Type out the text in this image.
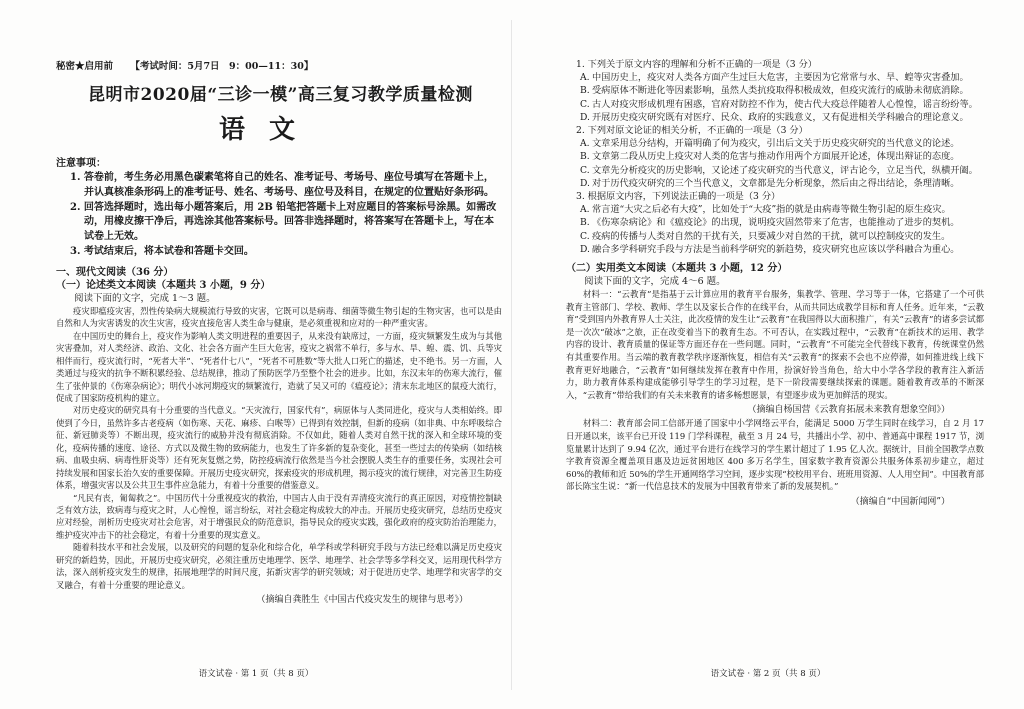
秘密★启用前 【考试时间：5月7日　9：00—11：30】
昆明市2020届“三诊一模”高三复习教学质量检测
语文
注意事项：
1. 答卷前，考生务必用黑色碳素笔将自己的姓名、准考证号、考场号、座位号填写在答题卡上，并认真核准条形码上的准考证号、姓名、考场号、座位号及科目，在规定的位置贴好条形码。
2. 回答选择题时，选出每小题答案后，用 2B 铅笔把答题卡上对应题目的答案标号涂黑。如需改动，用橡皮擦干净后，再选涂其他答案标号。回答非选择题时，将答案写在答题卡上，写在本试卷上无效。
3. 考试结束后，将本试卷和答题卡交回。
一、现代文阅读（36 分）
（一）论述类文本阅读（本题共 3 小题，9 分）
阅读下面的文字，完成 1～3 题。

疫灾即瘟疫灾害，烈性传染病大规模流行导致的灾害，它既可以是病毒、细菌等微生物引起的生物灾害，也可以是由自然和人为灾害诱发的次生灾害，疫灾直接危害人类生命与健康，是必须重视和应对的一种严重灾害。

在中国历史的舞台上，疫灾作为影响人类文明进程的重要因子，从来没有缺席过，一方面，疫灾频繁发生成为与其他灾害叠加，对人类经济、政治、文化、社会各方面产生巨大危害，疫灾之祸常不单行，多与水、旱、蝗、震、饥、兵等灾相伴而行，疫灾流行时，“死者大半”、“死者什七八”，“死者不可胜数”等大批人口死亡的描述，史不绝书。另一方面，人类通过与疫灾的抗争不断积累经验、总结规律，推动了预防医学乃至整个社会的进步。比如，东汉末年的伤寒大流行，催生了张仲景的《伤寒杂病论》；明代小冰河期疫灾的频繁流行，造就了吴又可的《瘟疫论》；清末东北地区的鼠疫大流行，促成了国家防疫机构的建立。

对历史疫灾的研究具有十分重要的当代意义。“天灾流行，国家代有”，病原体与人类同进化，疫灾与人类相始终。即使到了今日，虽然许多古老疫病（如伤寒、天花、麻疹、白喉等）已得到有效控制，但新的疫病（如非典、中东呼吸综合征、新冠肺炎等）不断出现，疫灾流行的威胁并没有彻底消除。不仅如此，随着人类对自然干扰的深入和全球环境的变化，疫病传播的速度、途径、方式以及微生物的致病能力，也发生了许多新的复杂变化，甚至一些过去的传染病（如结核病、血吸虫病、病毒性肝炎等）还有死灰复燃之势，防控疫病流行依然是当今社会摆脱人类生存的重要任务，实现社会可持续发展和国家长治久安的重要保障。开展历史疫灾研究，探索疫灾的形成机理，揭示疫灾的流行规律，对完善卫生防疫体系，增强灾害以及公共卫生事件应急能力，有着十分重要的借鉴意义。

“凡民有丧，匍匐救之”。中国历代十分重视疫灾的救治，中国古人由于没有弄清疫灾流行的真正原因，对疫情控制缺乏有效方法，致病毒与疫灾之时，人心惶惶，谣言纷纭，对社会稳定构成较大的冲击。开展历史疫灾研究，总结历史疫灾应对经验，剖析历史疫灾对社会危害，对于增强民众的防范意识，指导民众的疫灾实践，强化政府的疫灾防治治理能力，维护疫灾冲击下的社会稳定，有着十分重要的现实意义。

随着科技水平和社会发展，以及研究的问题的复杂化和综合化，单学科或学科研究手段与方法已经难以满足历史疫灾研究的新趋势，因此，开展历史疫灾研究，必须注重历史地理学、医学、地理学、社会学等多学科交叉，运用现代科学方法，深入剖析疫灾发生的规律，拓展地理学的时间尺度，拓新灾害学的研究领域；对于促进历史学、地理学和灾害学的交叉融合，有着十分重要的理论意义。

（摘编自龚胜生《中国古代疫灾发生的规律与思考》）
语文试卷 · 第 1 页（共 8 页）
1. 下列关于原文内容的理解和分析不正确的一项是（3 分）
A. 中国历史上，疫灾对人类各方面产生过巨大危害，主要因为它常常与水、旱、蝗等灾害叠加。
B. 受病原体不断进化等因素影响，虽然人类抗疫取得积极成效，但疫灾流行的威胁未彻底消除。
C. 古人对疫灾形成机理有困惑，官府对防控不作为，使古代大疫总伴随着人心惶惶，谣言纷纷等。
D. 开展历史疫灾研究既有对医疗、民众、政府的实践意义，又有促进相关学科融合的理论意义。
2. 下列对原文论证的相关分析，不正确的一项是（3 分）
A. 文章采用总分结构，开篇明确了何为疫灾，引出后文关于历史疫灾研究的当代意义的论述。
B. 文章第二段从历史上疫灾对人类的危害与推动作用两个方面展开论述，体现出辩证的态度。
C. 文章先分析疫灾的历史影响，又论述了疫灾研究的当代意义，评古论今，立足当代，纵横开阖。
D. 对于历代疫灾研究的三个当代意义，文章都是先分析现象，然后由之得出结论，条理清晰。
3. 根据原文内容，下列说法正确的一项是（3 分）
A. 常言道“大灾之后必有大疫”，比如处于“大疫”指的就是由病毒等微生物引起的原生疫灾。
B. 《伤寒杂病论》和《瘟疫论》的出现，说明疫灾固然带来了危害，也能推动了进步的契机。
C. 疫病的传播与人类对自然的干扰有关，只要减少对自然的干扰，就可以控制疫灾的发生。
D. 融合多学科研究手段与方法是当前科学研究的新趋势，疫灾研究也应该以学科融合为重心。
（二）实用类文本阅读（本题共 3 小题，12 分）
阅读下面的文字，完成 4～6 题。

材料一：“云教育”是指基于云计算应用的教育平台服务，集教学、管理、学习等于一体，它搭建了一个可供教育主管部门、学校、教师、学生以及家长合作的在线平台，从而共同达成教学目标和育人任务。近年来，“云教育”受到国内外教育界人士关注，此次疫情的发生让“云教育”在我国得以大面积推广，有关“云教育”的诸多尝试都是一次次“破冰”之旅，正在改变着当下的教育生态。不可否认，在实践过程中，“云教育”在新技术的运用、教学内容的设计、教育质量的保证等方面还存在一些问题。同时，“云教育”不可能完全代替线下教育，传统课堂仍然有其重要作用。当云端的教育教学秩序逐渐恢复，相信有关“云教育”的探索不会也不应停滞，如何推进线上线下教育更好地融合，“云教育”如何继续发挥在教育中作用，扮演好铃当角色，给大中小学各学段的教育注入新活力，助力教育体系构建成能够引导学生的学习过程，是下一阶段需要继续探索的课题。随着教育改革的不断深入，“云教育”带给我们的有关未来教育的诸多畅想愿景，有望逐步成为更加鲜活的现实。

（摘编自杨国营《云教育拓展未来教育想象空间》）

材料二：教育部会同工信部开通了国家中小学网络云平台，能满足 5000 万学生同时在线学习，自 2 月 17 日开通以来，该平台已开设 119 门学科课程，截至 3 月 24 号，共播出小学、初中、普通高中课程 1917 节，浏览量累计达到了 9.94 亿次，通过平台进行在线学习的学生累计超过了 1.95 亿人次。据统计，目前全国教学点数字教育资源全覆盖项目惠及边远贫困地区 400 多万名学生，国家数字教育资源公共服务体系初步建立，超过 60%的教师和近 50%的学生开通网络学习空间，逐步实现“校校用平台、班班用资源、人人用空间”。中国教育部部长陈宝生说：“新一代信息技术的发展为中国教育带来了新的发展契机。”

（摘编自“中国新闻网”）
语文试卷 · 第 2 页（共 8 页）
